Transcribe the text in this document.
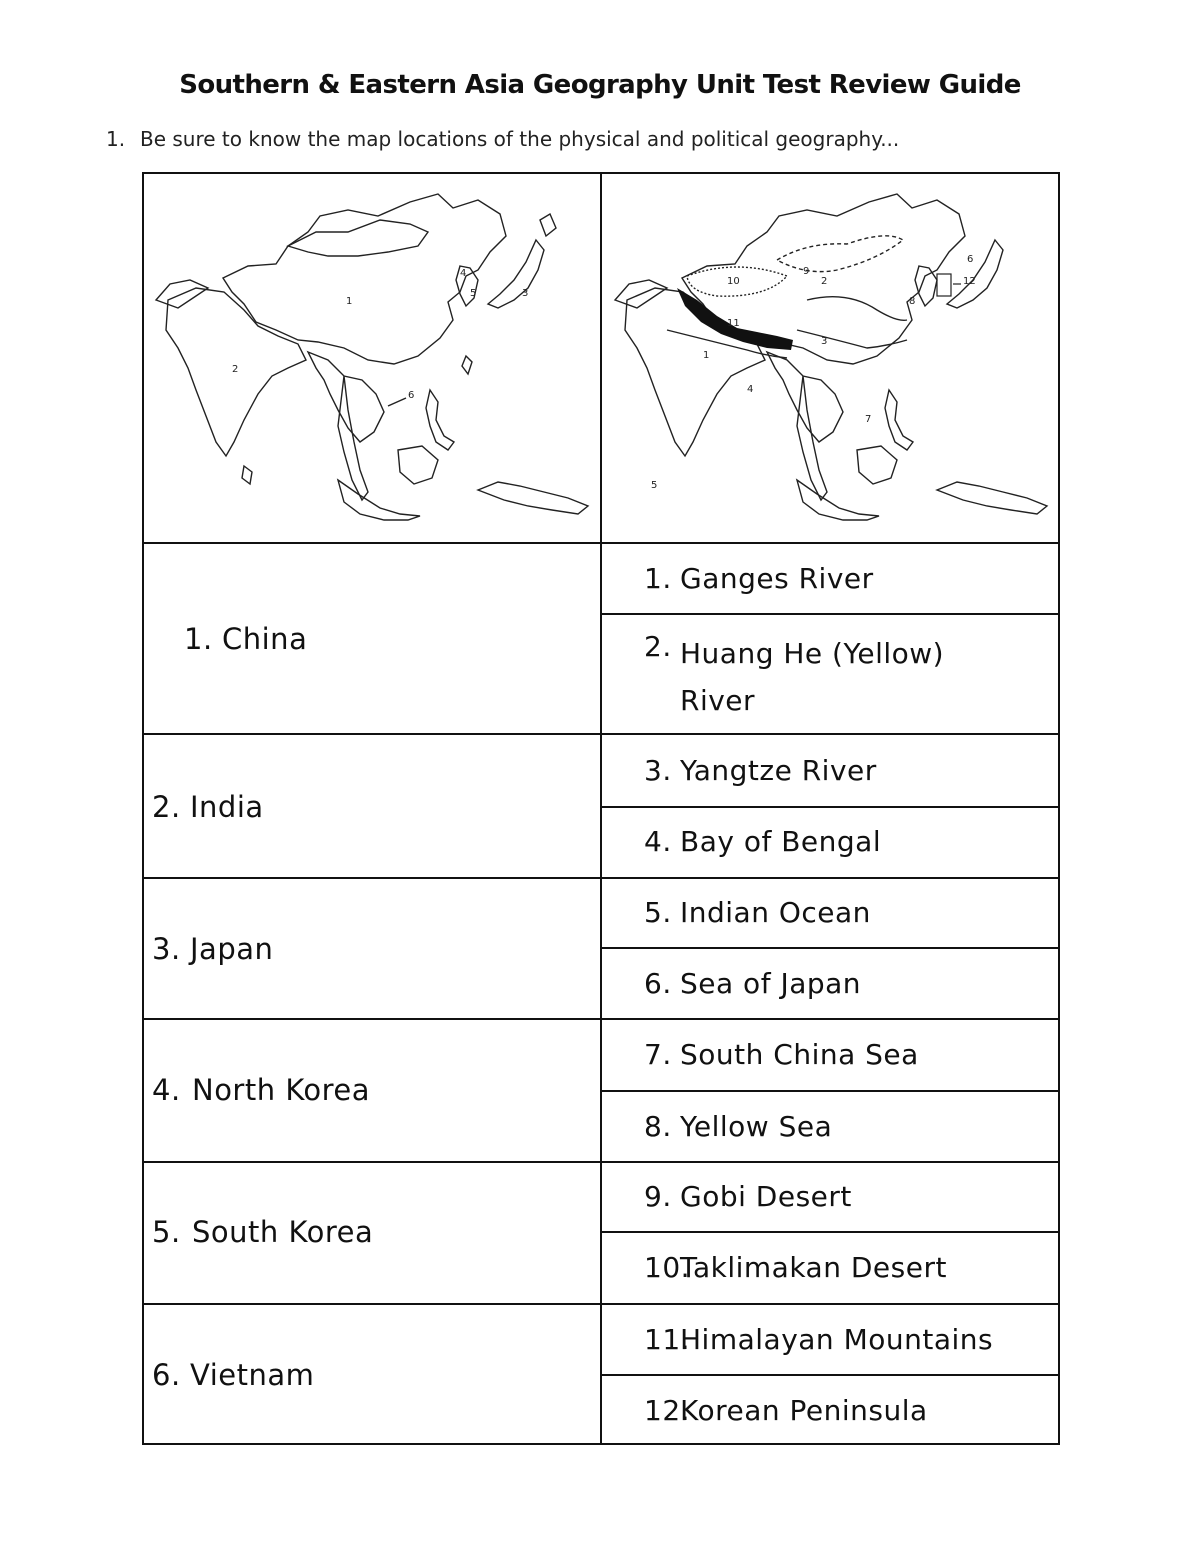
Southern & Eastern Asia Geography Unit Test Review Guide
1. Be sure to know the map locations of the physical and political geography...
1
2
3
4
5
6
1
2
3
4
5
6
7
8
9
10
11
12
1. China
2. India
3. Japan
4. North Korea
5. South Korea
6. Vietnam
1. Ganges River
2. Huang He (Yellow) River
3. Yangtze River
4. Bay of Bengal
5. Indian Ocean
6. Sea of Japan
7. South China Sea
8. Yellow Sea
9. Gobi Desert
10.Taklimakan Desert
11.Himalayan Mountains
12.Korean Peninsula
